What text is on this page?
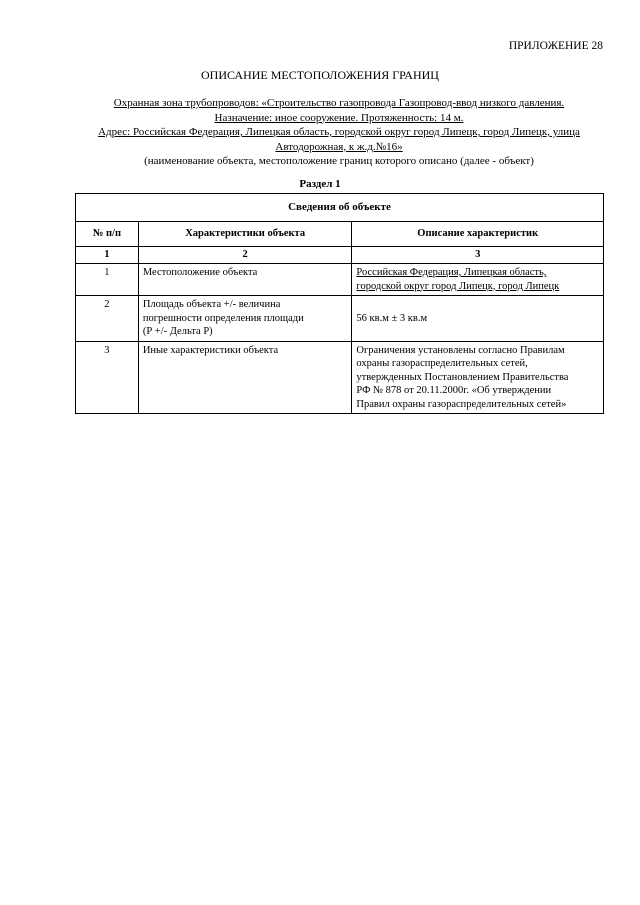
ПРИЛОЖЕНИЕ 28
ОПИСАНИЕ МЕСТОПОЛОЖЕНИЯ ГРАНИЦ
Охранная зона трубопроводов: «Строительство газопровода Газопровод-ввод низкого давления.
Назначение: иное сооружение. Протяженность: 14 м.
Адрес: Российская Федерация, Липецкая область, городской округ город Липецк, город Липецк, улица
Автодорожная, к ж.д.№16»
(наименование объекта, местоположение границ которого описано (далее - объект)
Раздел 1
Сведения об объекте		
№ п/п	Характеристики объекта	Описание характеристик
1	2	3
1	Местоположение объекта	Российская Федерация, Липецкая область,
городской округ город Липецк, город Липецк

2	Площадь объекта +/- величина
погрешности определения площади
(Р +/- Дельта Р)	56 кв.м ± 3 кв.м

3	Иные характеристики объекта	Ограничения установлены согласно Правилам
охраны газораспределительных сетей,
утвержденных Постановлением Правительства
РФ № 878 от 20.11.2000г. «Об утверждении
Правил охраны газораспределительных сетей»
